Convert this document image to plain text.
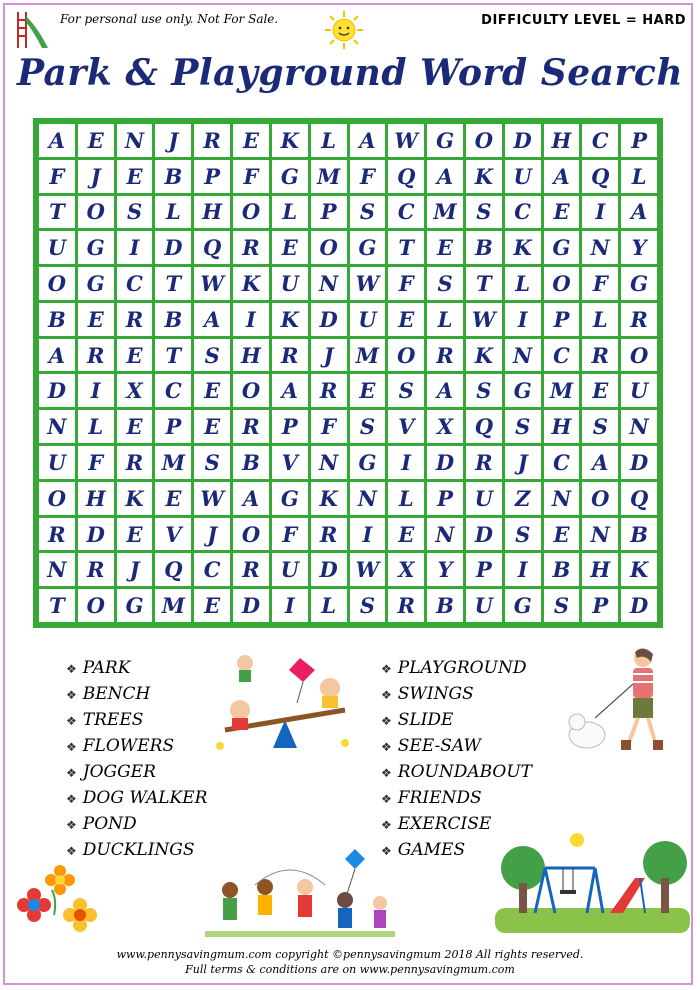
For personal use only. Not For Sale.	DIFFICULTY LEVEL = HARD
Park & Playground Word Search
A	E	N	J	R	E	K	L	A W G O D H C	P
F	J	E	B	P	F	G M F	Q	A	K U	A	Q	L
T	O	S	L	H O	L	P	S	C M S	C	E	I	A
U G	I	D Q R	E	O G	T	E	B K G N	Y
O G	C	T W K U N W F	S	T	L	O	F	G
B	E	R	B	A	I	K D U	E	L W	I	P	L	R
A	R	E	T	S	H R	J	M O R K N C	R O
D	I	X	C	E	O	A	R	E	S	A	S	G M E	U
N	L	E	P	E	R	P	F	S	V	X	Q	S	H	S	N
U	F	R M S	B	V	N G	I	D R	J	C	A	D
O H K	E W A	G K N	L	P	U	Z	N O Q
R D	E	V	J	O	F	R	I	E	N D	S	E	N B
N R	J	Q	C	R U D W X	Y	P	I	B H K
T	O G M E	D	I	L	S	R	B U G	S	P	D
❖ PARK
❖ BENCH
❖ TREES
❖ FLOWERS
❖ JOGGER
❖ DOG WALKER
❖ POND
❖ DUCKLINGS
❖ PLAYGROUND
❖ SWINGS
❖ SLIDE
❖ SEE-SAW
❖ ROUNDABOUT
❖ FRIENDS
❖ EXERCISE
❖ GAMES
www.pennysavingmum.com copyright ©pennysavingmum 2018 All rights reserved.
Full terms & conditions are on www.pennysavingmum.com
